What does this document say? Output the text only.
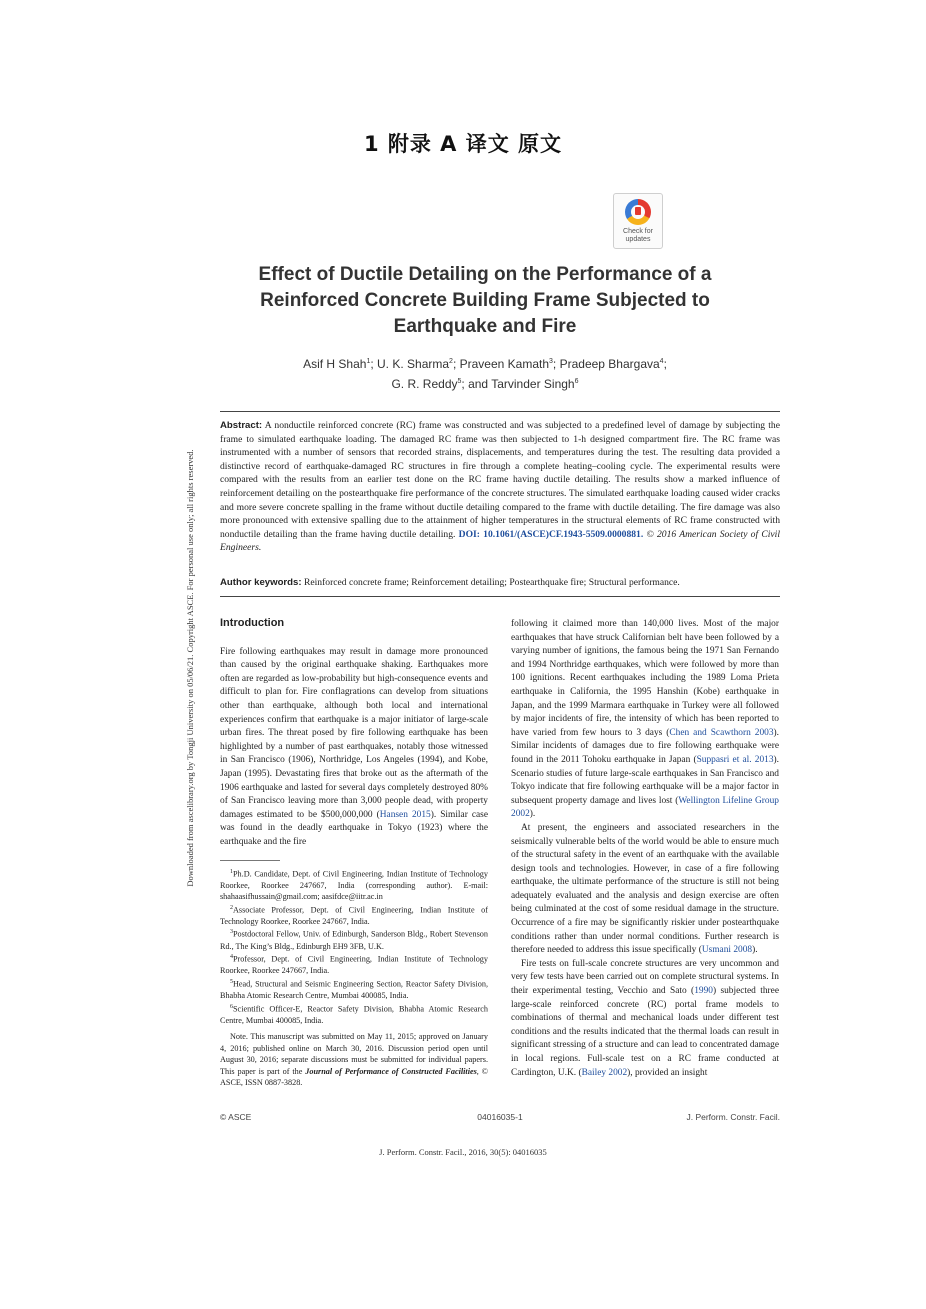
1 附录 A 译文 原文
Check for updates
Effect of Ductile Detailing on the Performance of a Reinforced Concrete Building Frame Subjected to Earthquake and Fire
Asif H Shah$^1$; U. K. Sharma$^2$; Praveen Kamath$^3$; Pradeep Bhargava$^4$;
G. R. Reddy$^5$; and Tarvinder Singh$^6$
Downloaded from ascelibrary.org by Tongji University on 05/06/21. Copyright ASCE. For personal use only; all rights reserved.
Abstract: A nonductile reinforced concrete (RC) frame was constructed and was subjected to a predefined level of damage by subjecting the frame to simulated earthquake loading. The damaged RC frame was then subjected to 1-h designed compartment fire. The RC frame was instrumented with a number of sensors that recorded strains, displacements, and temperatures during the test. The resulting data provided a distinctive record of earthquake-damaged RC structures in fire through a complete heating–cooling cycle. The experimental results were compared with the results from an earlier test done on the RC frame having ductile detailing. The results show a marked influence of reinforcement detailing on the postearthquake fire performance of the concrete structures. The simulated earthquake loading caused wider cracks and more severe concrete spalling in the frame without ductile detailing compared to the frame with ductile detailing. The fire damage was also more pronounced with extensive spalling due to the attainment of higher temperatures in the structural elements of RC frame constructed with nonductile detailing than the frame having ductile detailing. DOI: 10.1061/(ASCE)CF.1943-5509.0000881. © 2016 American Society of Civil Engineers.
Author keywords: Reinforced concrete frame; Reinforcement detailing; Postearthquake fire; Structural performance.

Introduction

Fire following earthquakes may result in damage more pronounced than caused by the original earthquake shaking. Earthquakes more often are regarded as low-probability but high-consequence events and difficult to plan for. Fire conflagrations can develop from situations other than earthquake, although both local and international experiences confirm that earthquake is a major initiator of large-scale urban fires. The threat posed by fire following earthquake has been highlighted by a number of past earthquakes, notably those witnessed in San Francisco (1906), Northridge, Los Angeles (1994), and Kobe, Japan (1995). Devastating fires that broke out as the aftermath of the 1906 earthquake and lasted for several days completely destroyed 80% of San Francisco leaving more than 3,000 people dead, with property damages estimated to be $500,000,000 (Hansen 2015). Similar case was found in the deadly earthquake in Tokyo (1923) where the earthquake and the fire

$^1$Ph.D. Candidate, Dept. of Civil Engineering, Indian Institute of Technology Roorkee, Roorkee 247667, India (corresponding author). E-mail: shahaasifhussain@gmail.com; aasifdce@iitr.ac.in

$^2$Associate Professor, Dept. of Civil Engineering, Indian Institute of Technology Roorkee, Roorkee 247667, India.

$^3$Postdoctoral Fellow, Univ. of Edinburgh, Sanderson Bldg., Robert Stevenson Rd., The King’s Bldg., Edinburgh EH9 3FB, U.K.

$^4$Professor, Dept. of Civil Engineering, Indian Institute of Technology Roorkee, Roorkee 247667, India.

$^5$Head, Structural and Seismic Engineering Section, Reactor Safety Division, Bhabha Atomic Research Centre, Mumbai 400085, India.

$^6$Scientific Officer-E, Reactor Safety Division, Bhabha Atomic Research Centre, Mumbai 400085, India.

Note. This manuscript was submitted on May 11, 2015; approved on January 4, 2016; published online on March 30, 2016. Discussion period open until August 30, 2016; separate discussions must be submitted for individual papers. This paper is part of the Journal of Performance of Constructed Facilities, © ASCE, ISSN 0887-3828.

following it claimed more than 140,000 lives. Most of the major earthquakes that have struck Californian belt have been followed by a varying number of ignitions, the famous being the 1971 San Fernando and 1994 Northridge earthquakes, which were followed by more than 100 ignitions. Recent earthquakes including the 1989 Loma Prieta earthquake in California, the 1995 Hanshin (Kobe) earthquake in Japan, and the 1999 Marmara earthquake in Turkey were all followed by major incidents of fire, the intensity of which has been reported to have varied from few hours to 3 days (Chen and Scawthorn 2003). Similar incidents of damages due to fire following earthquake were found in the 2011 Tohoku earthquake in Japan (Suppasri et al. 2013). Scenario studies of future large-scale earthquakes in San Francisco and Tokyo indicate that fire following earthquake will be a major factor in subsequent property damage and lives lost (Wellington Lifeline Group 2002).

At present, the engineers and associated researchers in the seismically vulnerable belts of the world would be able to ensure much of the structural safety in the event of an earthquake with the available design tools and technologies. However, in case of a fire following earthquake, the ultimate performance of the structure is still not being adequately evaluated and the analysis and design exercise are often being culminated at the cost of some residual damage in the structure. Occurrence of a fire may be significantly riskier under postearthquake conditions rather than under normal conditions. Further research is therefore needed to address this issue specifically (Usmani 2008).

Fire tests on full-scale concrete structures are very uncommon and very few tests have been carried out on complete structural systems. In their experimental testing, Vecchio and Sato (1990) subjected three large-scale reinforced concrete (RC) portal frame models to combinations of thermal and mechanical loads under different test conditions and the results indicated that the thermal loads can result in significant stressing of a structure and can lead to concentrated damage in local regions. Full-scale test on a RC frame conducted at Cardington, U.K. (Bailey 2002), provided an insight

© ASCE	04016035-1	J. Perform. Constr. Facil.
J. Perform. Constr. Facil., 2016, 30(5): 04016035
